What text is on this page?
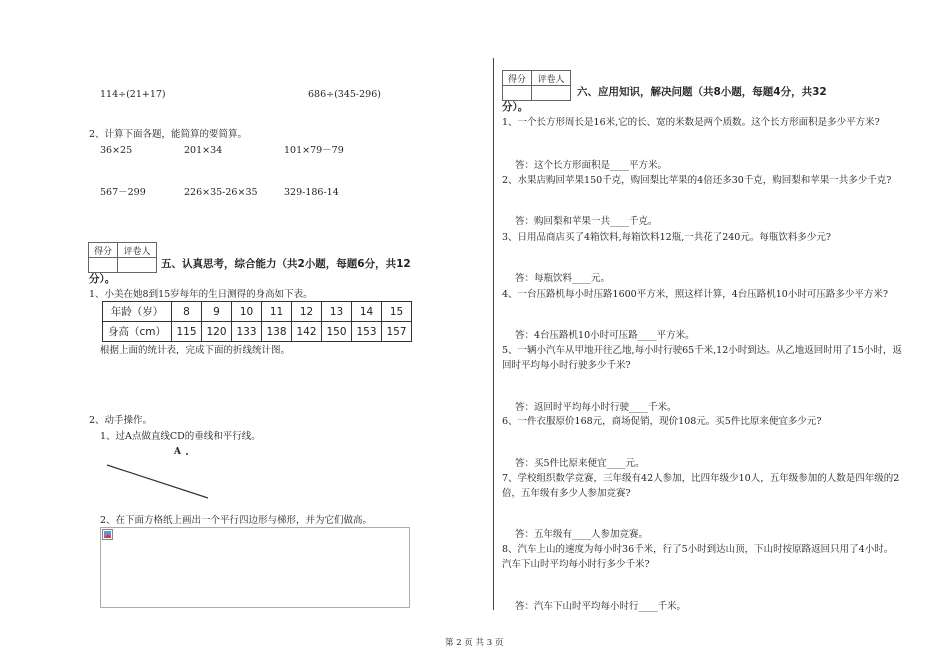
114÷(21+17)	686÷(345-296)
2、计算下面各题，能简算的要简算。
36×25	201×34	101×79－79
567－299	226×35-26×35	329-186-14
得分	评卷人

五、认真思考，综合能力（共2小题，每题6分，共12
分）。
1、小美在她8到15岁每年的生日测得的身高如下表。
年龄（岁）	8	9	10	11	12	13	14	15
身高（cm）	115	120	133	138	142	150	153	157
根据上面的统计表，完成下面的折线统计图。
2、动手操作。
1、过A点做直线CD的垂线和平行线。
A
2、在下面方格纸上画出一个平行四边形与梯形，并为它们做高。
得分	评卷人

六、应用知识，解决问题（共8小题，每题4分，共32
分）。
1、一个长方形周长是16米,它的长、宽的米数是两个质数。这个长方形面积是多少平方米?
答：这个长方形面积是____平方米。
2、水果店购回苹果150千克，购回梨比苹果的4倍还多30千克，购回梨和苹果一共多少千克?
答：购回梨和苹果一共____千克。
3、日用品商店买了4箱饮料,每箱饮料12瓶,一共花了240元。每瓶饮料多少元?
答：每瓶饮料____元。
4、一台压路机每小时压路1600平方米，照这样计算，4台压路机10小时可压路多少平方米?
答：4台压路机10小时可压路____平方米。
5、一辆小汽车从甲地开往乙地,每小时行驶65千米,12小时到达。从乙地返回时用了15小时，返
回时平均每小时行驶多少千米?
答：返回时平均每小时行驶____千米。
6、一件衣服原价168元，商场促销，现价108元。买5件比原来便宜多少元?
答：买5件比原来便宜____元。
7、学校组织数学竞赛，三年级有42人参加，比四年级少10人，五年级参加的人数是四年级的2
倍，五年级有多少人参加竞赛?
答：五年级有____人参加竞赛。
8、汽车上山的速度为每小时36千米，行了5小时到达山顶，下山时按原路返回只用了4小时。
汽车下山时平均每小时行多少千米?
答：汽车下山时平均每小时行____千米。
第 2 页 共 3 页
